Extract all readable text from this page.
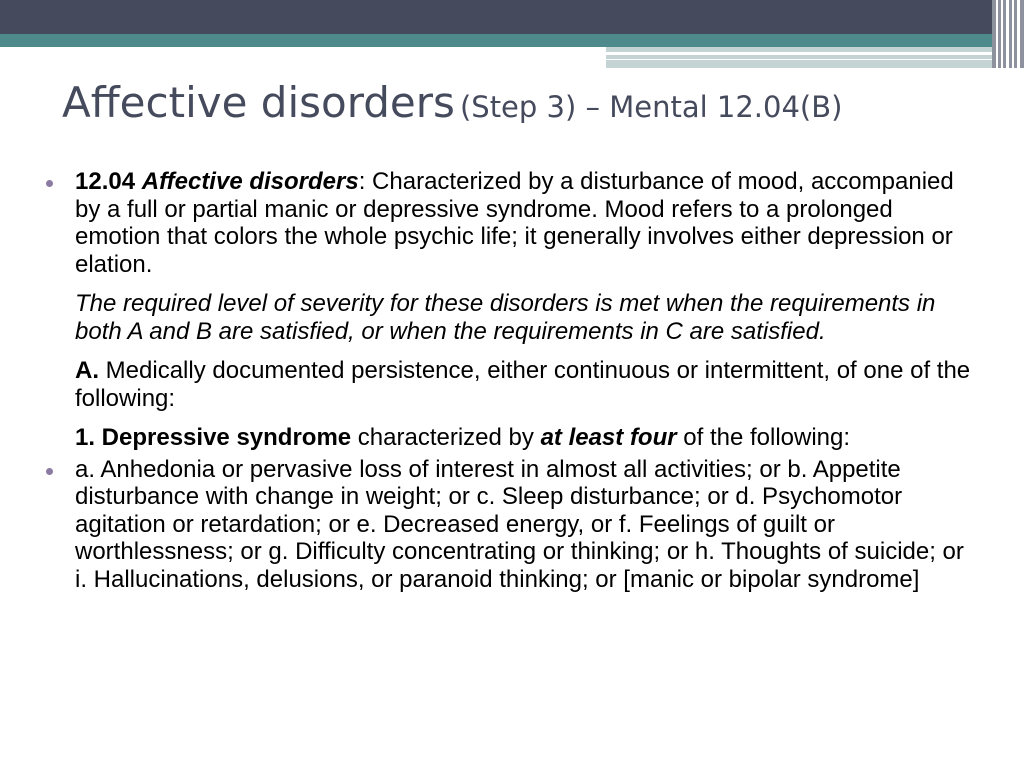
Affective disorders (Step 3) – Mental 12.04(B)
12.04 Affective disorders: Characterized by a disturbance of mood, accompanied by a full or partial manic or depressive syndrome. Mood refers to a prolonged emotion that colors the whole psychic life; it generally involves either depression or elation.
The required level of severity for these disorders is met when the requirements in both A and B are satisfied, or when the requirements in C are satisfied.
A. Medically documented persistence, either continuous or intermittent, of one of the following:
1. Depressive syndrome characterized by at least four of the following:
a. Anhedonia or pervasive loss of interest in almost all activities; or b. Appetite disturbance with change in weight; or c. Sleep disturbance; or d. Psychomotor agitation or retardation; or e. Decreased energy, or f. Feelings of guilt or worthlessness; or g. Difficulty concentrating or thinking; or h. Thoughts of suicide; or i. Hallucinations, delusions, or paranoid thinking; or [manic or bipolar syndrome]
